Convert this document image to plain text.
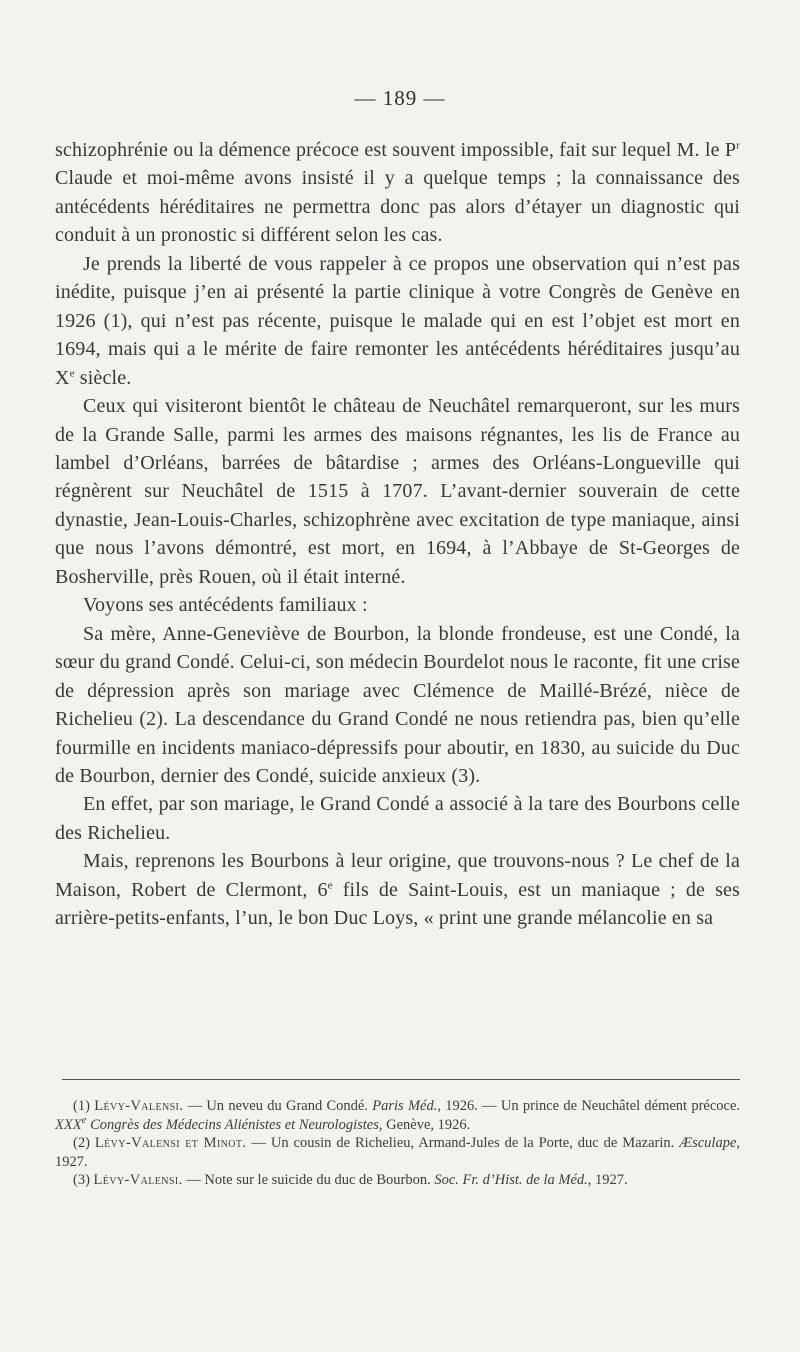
— 189 —

schizophrénie ou la démence précoce est souvent impossible, fait sur lequel M. le $P^r$ Claude et moi-même avons insisté il y a quelque temps ; la connaissance des antécédents héréditaires ne permettra donc pas alors d’étayer un diagnostic qui conduit à un pronostic si différent selon les cas.

Je prends la liberté de vous rappeler à ce propos une observation qui n’est pas inédite, puisque j’en ai présenté la partie clinique à votre Congrès de Genève en 1926 (1), qui n’est pas récente, puisque le malade qui en est l’objet est mort en 1694, mais qui a le mérite de faire remonter les antécédents héréditaires jusqu’au Xe siècle.

Ceux qui visiteront bientôt le château de Neuchâtel remarqueront, sur les murs de la Grande Salle, parmi les armes des maisons régnantes, les lis de France au lambel d’Orléans, barrées de bâtardise ; armes des Orléans-Longueville qui régnèrent sur Neuchâtel de 1515 à 1707. L’avant-dernier souverain de cette dynastie, Jean-Louis-Charles, schizophrène avec excitation de type maniaque, ainsi que nous l’avons démontré, est mort, en 1694, à l’Abbaye de St-Georges de Bosherville, près Rouen, où il était interné.

Voyons ses antécédents familiaux :

Sa mère, Anne-Geneviève de Bourbon, la blonde frondeuse, est une Condé, la sœur du grand Condé. Celui-ci, son médecin Bourdelot nous le raconte, fit une crise de dépression après son mariage avec Clémence de Maillé-Brézé, nièce de Richelieu (2). La descendance du Grand Condé ne nous retiendra pas, bien qu’elle fourmille en incidents maniaco-dépressifs pour aboutir, en 1830, au suicide du Duc de Bourbon, dernier des Condé, suicide anxieux (3).

En effet, par son mariage, le Grand Condé a associé à la tare des Bourbons celle des Richelieu.

Mais, reprenons les Bourbons à leur origine, que trouvons-nous ? Le chef de la Maison, Robert de Clermont, 6e fils de Saint-Louis, est un maniaque ; de ses arrière-petits-enfants, l’un, le bon Duc Loys, « print une grande mélancolie en sa

(1) Lévy-Valensi. — Un neveu du Grand Condé. Paris Méd., 1926. — Un prince de Neuchâtel dément précoce. XXXe Congrès des Médecins Aliénistes et Neurologistes, Genève, 1926.

(2) Lévy-Valensi et Minot. — Un cousin de Richelieu, Armand-Jules de la Porte, duc de Mazarin. Æsculape, 1927.

(3) Lévy-Valensi. — Note sur le suicide du duc de Bourbon. Soc. Fr. d’Hist. de la Méd., 1927.
